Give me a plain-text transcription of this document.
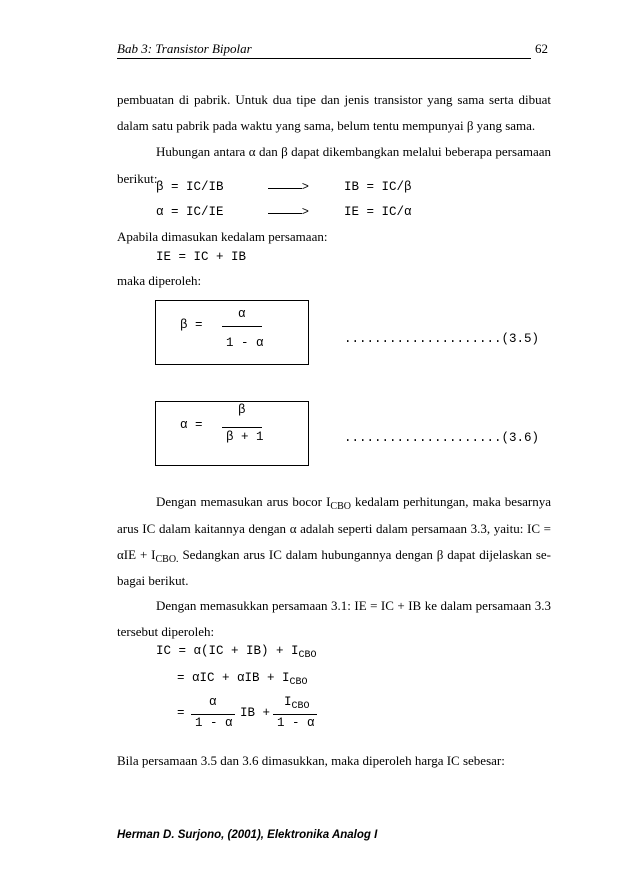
Bab 3: Transistor Bipolar	62
pembuatan di pabrik. Untuk dua tipe dan jenis transistor yang sama serta dibuat
dalam satu pabrik pada waktu yang sama, belum tentu mempunyai β yang sama.
Hubungan antara α dan β dapat dikembangkan melalui beberapa persamaan
berikut:
β = IC/IB >	IB = IC/β
α = IC/IE >	IE = IC/α
Apabila dimasukan kedalam persamaan:
IE = IC + IB
maka diperoleh:
α
β =
1 - α	.....................(3.5)
β
α =
β + 1	.....................(3.6)
Dengan memasukan arus bocor $I_{CBO}$ kedalam perhitungan, maka besarnya
arus IC dalam kaitannya dengan α adalah seperti dalam persamaan 3.3, yaitu: IC =
$\alpha IE + I_{CBO.}$ Sedangkan arus IC dalam hubungannya dengan β dapat dijelaskan se-
bagai berikut.
Dengan memasukkan persamaan 3.1: IE = IC + IB ke dalam persamaan 3.3
tersebut diperoleh:
IC = $\alpha(IC + IB) + I_{CBO}$
= $\alpha IC + \alpha IB + I_{CBO}$
α
=
1 - α
IB +
$I_{CBO}$
1 - α
Bila persamaan 3.5 dan 3.6 dimasukkan, maka diperoleh harga IC sebesar:
Herman D. Surjono, (2001), Elektronika Analog I
